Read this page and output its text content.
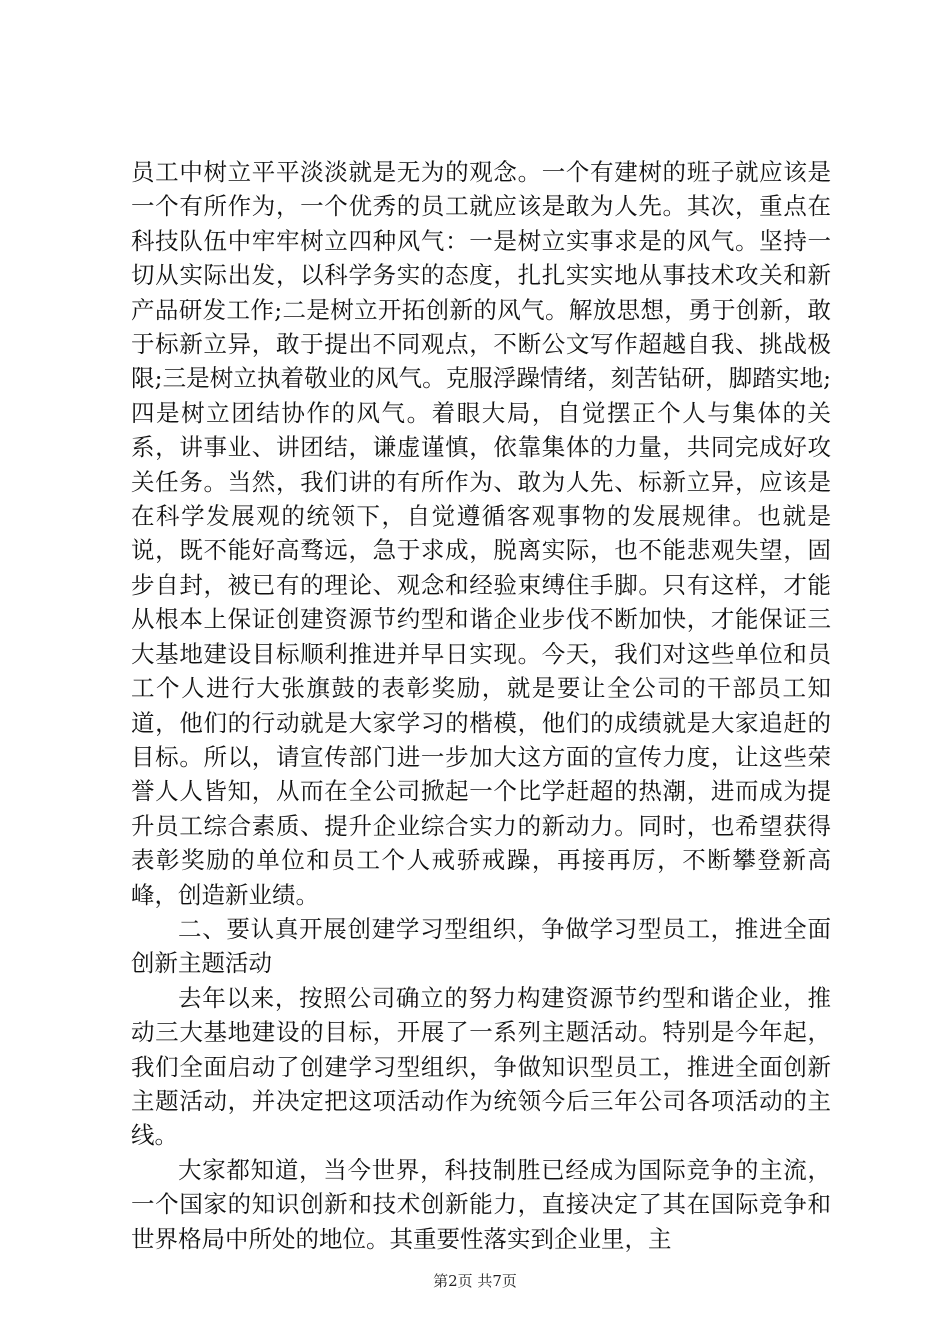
员工中树立平平淡淡就是无为的观念。一个有建树的班子就应该是一个有所作为，一个优秀的员工就应该是敢为人先。其次，重点在科技队伍中牢牢树立四种风气：一是树立实事求是的风气。坚持一切从实际出发，以科学务实的态度，扎扎实实地从事技术攻关和新产品研发工作;二是树立开拓创新的风气。解放思想，勇于创新，敢于标新立异，敢于提出不同观点，不断公文写作超越自我、挑战极限;三是树立执着敬业的风气。克服浮躁情绪，刻苦钻研，脚踏实地;四是树立团结协作的风气。着眼大局，自觉摆正个人与集体的关系，讲事业、讲团结，谦虚谨慎，依靠集体的力量，共同完成好攻关任务。当然，我们讲的有所作为、敢为人先、标新立异，应该是在科学发展观的统领下，自觉遵循客观事物的发展规律。也就是说，既不能好高骛远，急于求成，脱离实际，也不能悲观失望，固步自封，被已有的理论、观念和经验束缚住手脚。只有这样，才能从根本上保证创建资源节约型和谐企业步伐不断加快，才能保证三大基地建设目标顺利推进并早日实现。今天，我们对这些单位和员工个人进行大张旗鼓的表彰奖励，就是要让全公司的干部员工知道，他们的行动就是大家学习的楷模，他们的成绩就是大家追赶的目标。所以，请宣传部门进一步加大这方面的宣传力度，让这些荣誉人人皆知，从而在全公司掀起一个比学赶超的热潮，进而成为提升员工综合素质、提升企业综合实力的新动力。同时，也希望获得表彰奖励的单位和员工个人戒骄戒躁，再接再厉，不断攀登新高峰，创造新业绩。

二、要认真开展创建学习型组织，争做学习型员工，推进全面创新主题活动

去年以来，按照公司确立的努力构建资源节约型和谐企业，推动三大基地建设的目标，开展了一系列主题活动。特别是今年起，我们全面启动了创建学习型组织，争做知识型员工，推进全面创新主题活动，并决定把这项活动作为统领今后三年公司各项活动的主线。

大家都知道，当今世界，科技制胜已经成为国际竞争的主流，一个国家的知识创新和技术创新能力，直接决定了其在国际竞争和世界格局中所处的地位。其重要性落实到企业里，主

第2页 共7页
